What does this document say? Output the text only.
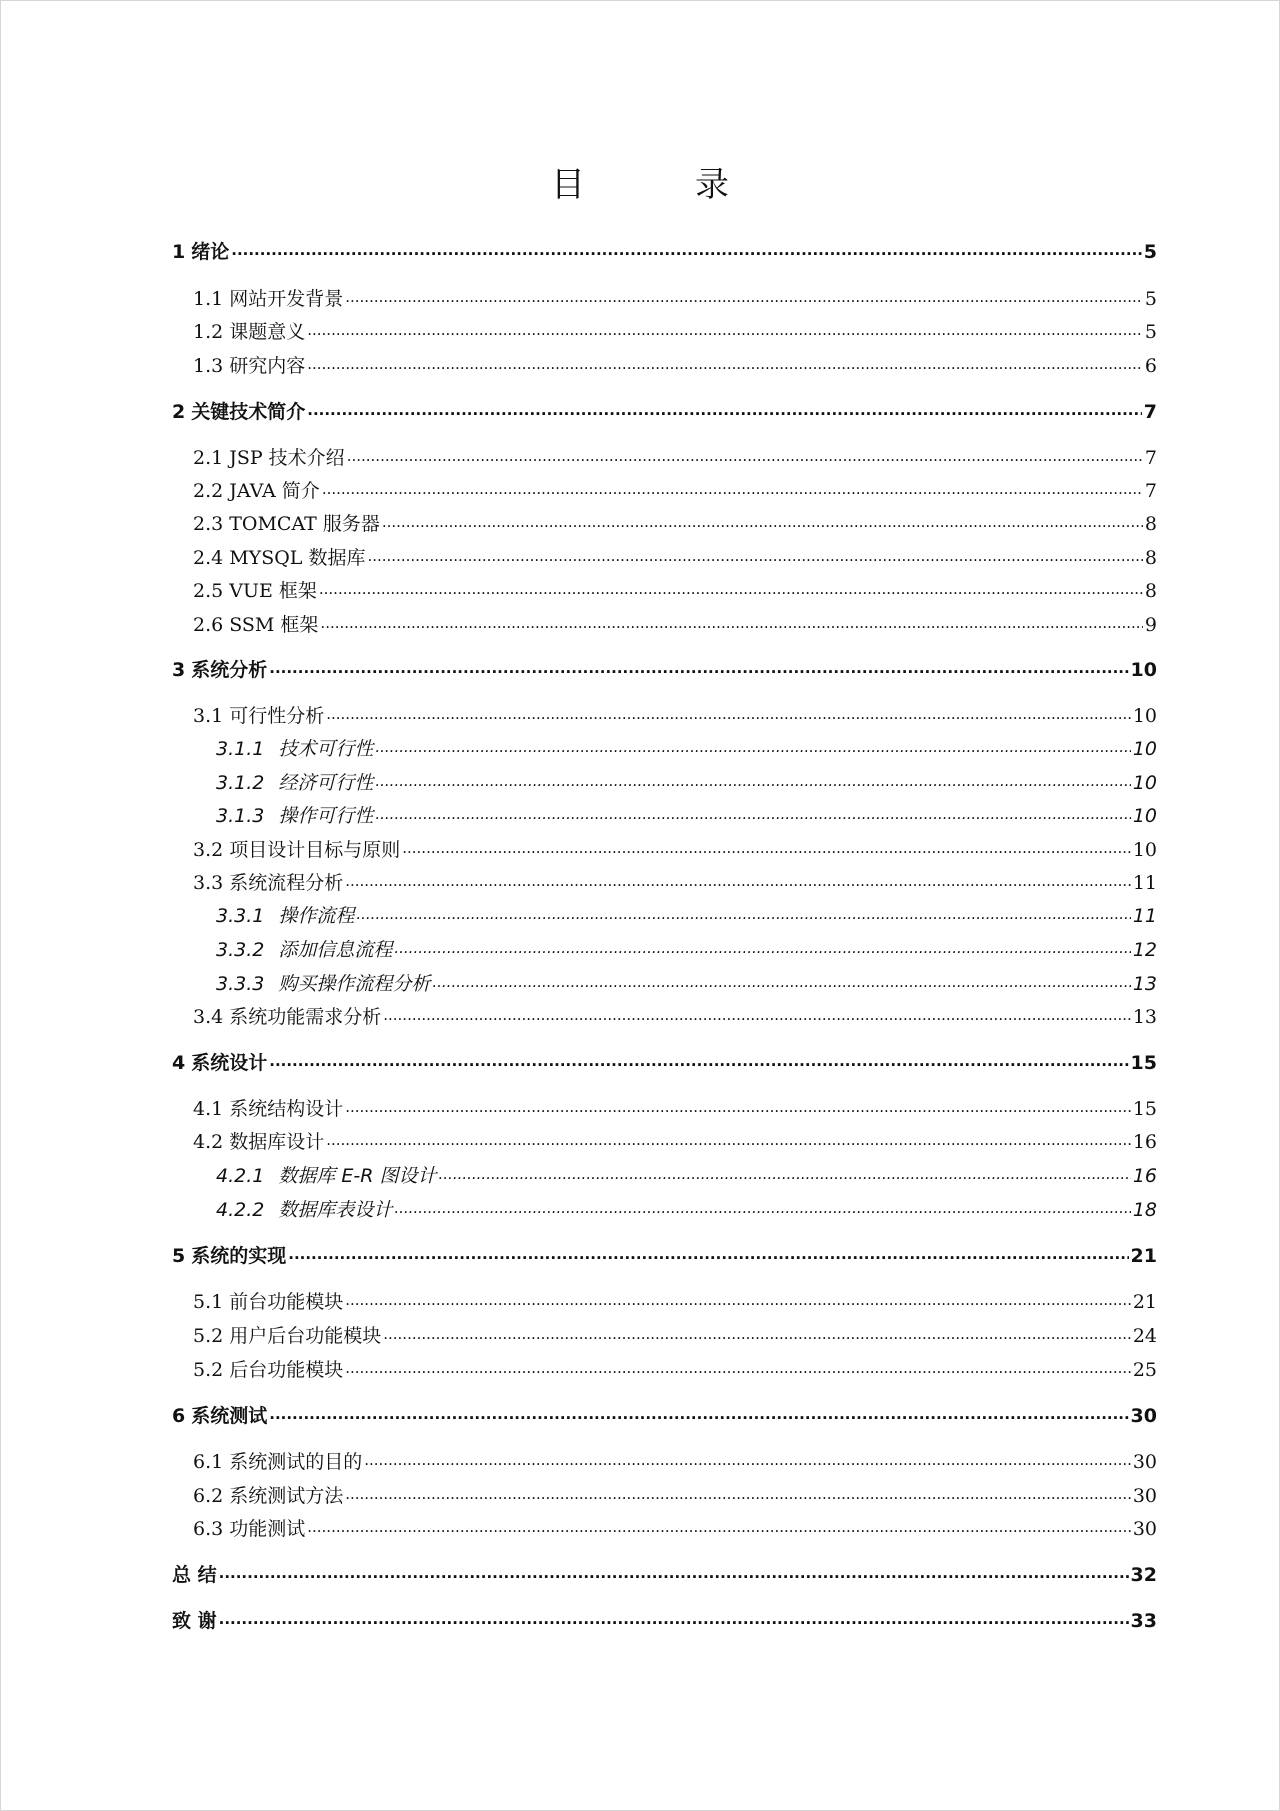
目　录
1 绪论 .....	5
1.1 网站开发背景 .....	5
1.2 课题意义 .....	5
1.3 研究内容 .....	6
2 关键技术简介 .....	7
2.1 JSP 技术介绍 .....	7
2.2 JAVA 简介 .....	7
2.3 TOMCAT 服务器 .....	8
2.4 MYSQL 数据库 .....	8
2.5 VUE 框架 .....	8
2.6 SSM 框架 .....	9
3 系统分析 .....	10
3.1 可行性分析 .....	10
3.1.1 技术可行性 .....	10
3.1.2 经济可行性 .....	10
3.1.3 操作可行性 .....	10
3.2 项目设计目标与原则 .....	10
3.3 系统流程分析 .....	11
3.3.1 操作流程 .....	11
3.3.2 添加信息流程 .....	12
3.3.3 购买操作流程分析 .....	13
3.4 系统功能需求分析 .....	13
4 系统设计 .....	15
4.1 系统结构设计 .....	15
4.2 数据库设计 .....	16
4.2.1 数据库 E-R 图设计 .....	16
4.2.2 数据库表设计 .....	18
5 系统的实现 .....	21
5.1 前台功能模块 .....	21
5.2 用户后台功能模块 .....	24
5.2 后台功能模块 .....	25
6 系统测试 .....	30
6.1 系统测试的目的 .....	30
6.2 系统测试方法 .....	30
6.3 功能测试 .....	30
总 结 .....	32
致 谢 .....	33
